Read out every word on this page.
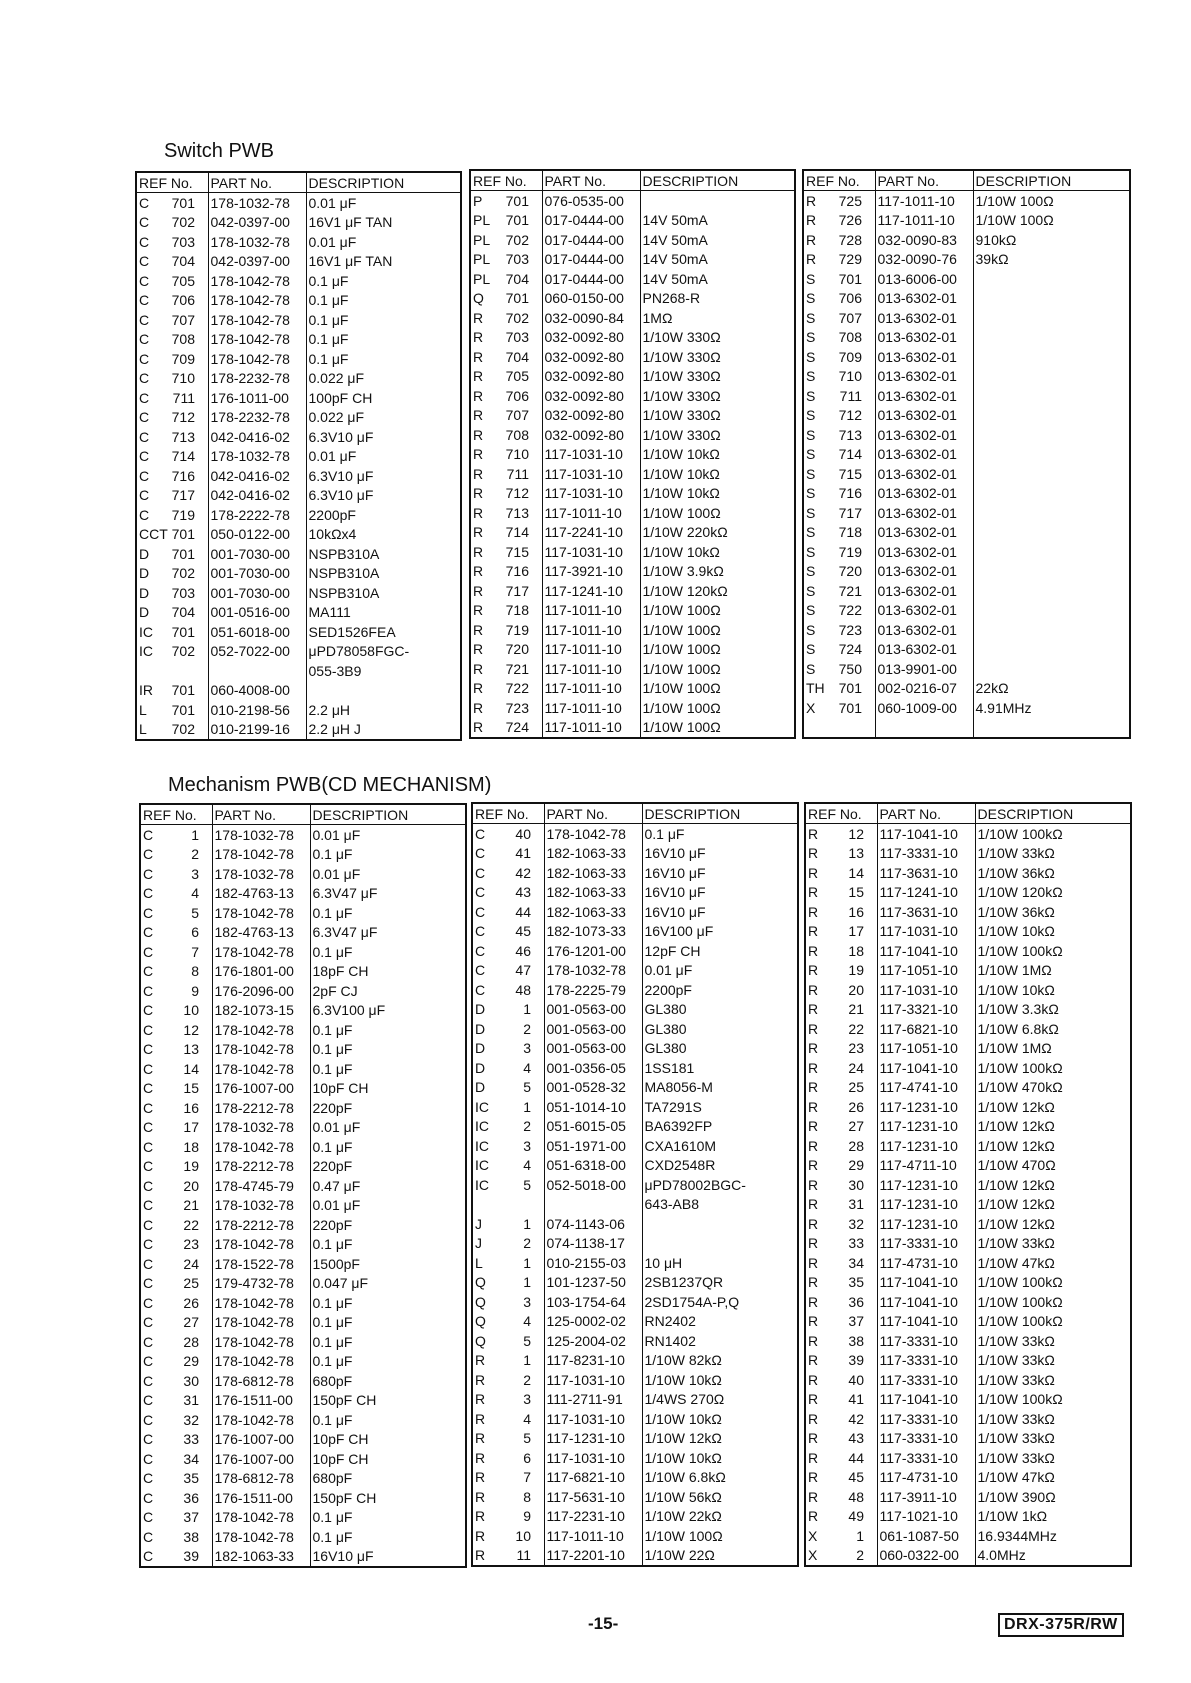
Switch PWB
REF No.	PART No.	DESCRIPTION
C 701	178-1032-78	0.01 μF
C 702	042-0397-00	16V1 μF TAN
C 703	178-1032-78	0.01 μF
C 704	042-0397-00	16V1 μF TAN
C 705	178-1042-78	0.1 μF
C 706	178-1042-78	0.1 μF
C 707	178-1042-78	0.1 μF
C 708	178-1042-78	0.1 μF
C 709	178-1042-78	0.1 μF
C 710	178-2232-78	0.022 μF
C 711	176-1011-00	100pF CH
C 712	178-2232-78	0.022 μF
C 713	042-0416-02	6.3V10 μF
C 714	178-1032-78	0.01 μF
C 716	042-0416-02	6.3V10 μF
C 717	042-0416-02	6.3V10 μF
C 719	178-2222-78	2200pF
CCT 701	050-0122-00	10kΩx4
D 701	001-7030-00	NSPB310A
D 702	001-7030-00	NSPB310A
D 703	001-7030-00	NSPB310A
D 704	001-0516-00	MA111
IC 701	051-6018-00	SED1526FEA
IC 702	052-7022-00	μPD78058FGC-
		055-3B9
IR 701	060-4008-00	
L 701	010-2198-56	2.2 μH
L 702	010-2199-16	2.2 μH J
REF No.	PART No.	DESCRIPTION
P 701	076-0535-00	
PL 701	017-0444-00	14V 50mA
PL 702	017-0444-00	14V 50mA
PL 703	017-0444-00	14V 50mA
PL 704	017-0444-00	14V 50mA
Q 701	060-0150-00	PN268-R
R 702	032-0090-84	1MΩ
R 703	032-0092-80	1/10W 330Ω
R 704	032-0092-80	1/10W 330Ω
R 705	032-0092-80	1/10W 330Ω
R 706	032-0092-80	1/10W 330Ω
R 707	032-0092-80	1/10W 330Ω
R 708	032-0092-80	1/10W 330Ω
R 710	117-1031-10	1/10W 10kΩ
R 711	117-1031-10	1/10W 10kΩ
R 712	117-1031-10	1/10W 10kΩ
R 713	117-1011-10	1/10W 100Ω
R 714	117-2241-10	1/10W 220kΩ
R 715	117-1031-10	1/10W 10kΩ
R 716	117-3921-10	1/10W 3.9kΩ
R 717	117-1241-10	1/10W 120kΩ
R 718	117-1011-10	1/10W 100Ω
R 719	117-1011-10	1/10W 100Ω
R 720	117-1011-10	1/10W 100Ω
R 721	117-1011-10	1/10W 100Ω
R 722	117-1011-10	1/10W 100Ω
R 723	117-1011-10	1/10W 100Ω
R 724	117-1011-10	1/10W 100Ω
REF No.	PART No.	DESCRIPTION
R 725	117-1011-10	1/10W 100Ω
R 726	117-1011-10	1/10W 100Ω
R 728	032-0090-83	910kΩ
R 729	032-0090-76	39kΩ
S 701	013-6006-00	
S 706	013-6302-01	
S 707	013-6302-01	
S 708	013-6302-01	
S 709	013-6302-01	
S 710	013-6302-01	
S 711	013-6302-01	
S 712	013-6302-01	
S 713	013-6302-01	
S 714	013-6302-01	
S 715	013-6302-01	
S 716	013-6302-01	
S 717	013-6302-01	
S 718	013-6302-01	
S 719	013-6302-01	
S 720	013-6302-01	
S 721	013-6302-01	
S 722	013-6302-01	
S 723	013-6302-01	
S 724	013-6302-01	
S 750	013-9901-00	
TH 701	002-0216-07	22kΩ
X 701	060-1009-00	4.91MHz

Mechanism PWB(CD MECHANISM)
REF No.	PART No.	DESCRIPTION
C 1	178-1032-78	0.01 μF
C 2	178-1042-78	0.1 μF
C 3	178-1032-78	0.01 μF
C 4	182-4763-13	6.3V47 μF
C 5	178-1042-78	0.1 μF
C 6	182-4763-13	6.3V47 μF
C 7	178-1042-78	0.1 μF
C 8	176-1801-00	18pF CH
C 9	176-2096-00	2pF CJ
C 10	182-1073-15	6.3V100 μF
C 12	178-1042-78	0.1 μF
C 13	178-1042-78	0.1 μF
C 14	178-1042-78	0.1 μF
C 15	176-1007-00	10pF CH
C 16	178-2212-78	220pF
C 17	178-1032-78	0.01 μF
C 18	178-1042-78	0.1 μF
C 19	178-2212-78	220pF
C 20	178-4745-79	0.47 μF
C 21	178-1032-78	0.01 μF
C 22	178-2212-78	220pF
C 23	178-1042-78	0.1 μF
C 24	178-1522-78	1500pF
C 25	179-4732-78	0.047 μF
C 26	178-1042-78	0.1 μF
C 27	178-1042-78	0.1 μF
C 28	178-1042-78	0.1 μF
C 29	178-1042-78	0.1 μF
C 30	178-6812-78	680pF
C 31	176-1511-00	150pF CH
C 32	178-1042-78	0.1 μF
C 33	176-1007-00	10pF CH
C 34	176-1007-00	10pF CH
C 35	178-6812-78	680pF
C 36	176-1511-00	150pF CH
C 37	178-1042-78	0.1 μF
C 38	178-1042-78	0.1 μF
C 39	182-1063-33	16V10 μF
REF No.	PART No.	DESCRIPTION
C 40	178-1042-78	0.1 μF
C 41	182-1063-33	16V10 μF
C 42	182-1063-33	16V10 μF
C 43	182-1063-33	16V10 μF
C 44	182-1063-33	16V10 μF
C 45	182-1073-33	16V100 μF
C 46	176-1201-00	12pF CH
C 47	178-1032-78	0.01 μF
C 48	178-2225-79	2200pF
D 1	001-0563-00	GL380
D 2	001-0563-00	GL380
D 3	001-0563-00	GL380
D 4	001-0356-05	1SS181
D 5	001-0528-32	MA8056-M
IC 1	051-1014-10	TA7291S
IC 2	051-6015-05	BA6392FP
IC 3	051-1971-00	CXA1610M
IC 4	051-6318-00	CXD2548R
IC 5	052-5018-00	μPD78002BGC-
		643-AB8
J 1	074-1143-06	
J 2	074-1138-17	
L 1	010-2155-03	10 μH
Q 1	101-1237-50	2SB1237QR
Q 3	103-1754-64	2SD1754A-P,Q
Q 4	125-0002-02	RN2402
Q 5	125-2004-02	RN1402
R 1	117-8231-10	1/10W 82kΩ
R 2	117-1031-10	1/10W 10kΩ
R 3	111-2711-91	1/4WS 270Ω
R 4	117-1031-10	1/10W 10kΩ
R 5	117-1231-10	1/10W 12kΩ
R 6	117-1031-10	1/10W 10kΩ
R 7	117-6821-10	1/10W 6.8kΩ
R 8	117-5631-10	1/10W 56kΩ
R 9	117-2231-10	1/10W 22kΩ
R 10	117-1011-10	1/10W 100Ω
R 11	117-2201-10	1/10W 22Ω
REF No.	PART No.	DESCRIPTION
R 12	117-1041-10	1/10W 100kΩ
R 13	117-3331-10	1/10W 33kΩ
R 14	117-3631-10	1/10W 36kΩ
R 15	117-1241-10	1/10W 120kΩ
R 16	117-3631-10	1/10W 36kΩ
R 17	117-1031-10	1/10W 10kΩ
R 18	117-1041-10	1/10W 100kΩ
R 19	117-1051-10	1/10W 1MΩ
R 20	117-1031-10	1/10W 10kΩ
R 21	117-3321-10	1/10W 3.3kΩ
R 22	117-6821-10	1/10W 6.8kΩ
R 23	117-1051-10	1/10W 1MΩ
R 24	117-1041-10	1/10W 100kΩ
R 25	117-4741-10	1/10W 470kΩ
R 26	117-1231-10	1/10W 12kΩ
R 27	117-1231-10	1/10W 12kΩ
R 28	117-1231-10	1/10W 12kΩ
R 29	117-4711-10	1/10W 470Ω
R 30	117-1231-10	1/10W 12kΩ
R 31	117-1231-10	1/10W 12kΩ
R 32	117-1231-10	1/10W 12kΩ
R 33	117-3331-10	1/10W 33kΩ
R 34	117-4731-10	1/10W 47kΩ
R 35	117-1041-10	1/10W 100kΩ
R 36	117-1041-10	1/10W 100kΩ
R 37	117-1041-10	1/10W 100kΩ
R 38	117-3331-10	1/10W 33kΩ
R 39	117-3331-10	1/10W 33kΩ
R 40	117-3331-10	1/10W 33kΩ
R 41	117-1041-10	1/10W 100kΩ
R 42	117-3331-10	1/10W 33kΩ
R 43	117-3331-10	1/10W 33kΩ
R 44	117-3331-10	1/10W 33kΩ
R 45	117-4731-10	1/10W 47kΩ
R 48	117-3911-10	1/10W 390Ω
R 49	117-1021-10	1/10W 1kΩ
X 1	061-1087-50	16.9344MHz
X 2	060-0322-00	4.0MHz
-15-	DRX-375R/RW
